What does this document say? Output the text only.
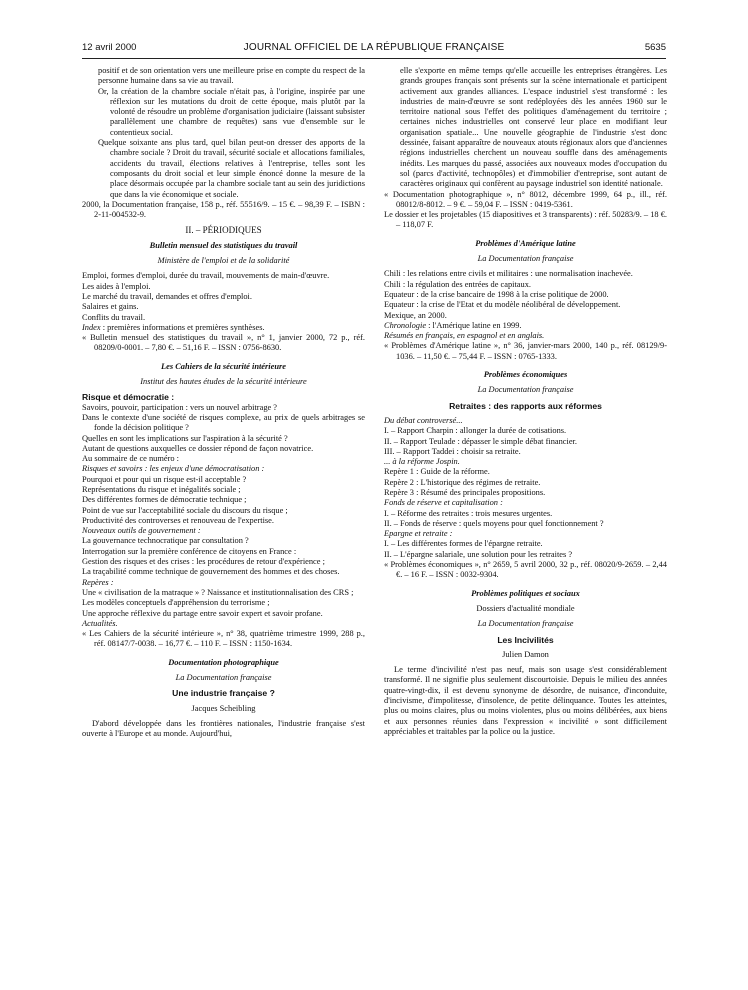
12 avril 2000	JOURNAL OFFICIEL DE LA RÉPUBLIQUE FRANÇAISE	5635

positif et de son orientation vers une meilleure prise en compte du respect de la personne humaine dans sa vie au travail.

Or, la création de la chambre sociale n'était pas, à l'origine, inspirée par une réflexion sur les mutations du droit de cette époque, mais plutôt par la volonté de résoudre un problème d'organisation judiciaire (laissant subsister parallèlement une chambre de requêtes) sans vue d'ensemble sur le contentieux social.

Quelque soixante ans plus tard, quel bilan peut-on dresser des apports de la chambre sociale ? Droit du travail, sécurité sociale et allocations familiales, accidents du travail, élections relatives à l'entreprise, telles sont les composants du droit social et leur simple énoncé donne la mesure de la place désormais occupée par la chambre sociale tant au sein des juridictions que dans la vie économique et sociale.

2000, la Documentation française, 158 p., réf. 55516/9. – 15 €. – 98,39 F. – ISBN : 2-11-004532-9.

II. – PÉRIODIQUES

Bulletin mensuel des statistiques du travail

Ministère de l'emploi et de la solidarité

Emploi, formes d'emploi, durée du travail, mouvements de main-d'œuvre.

Les aides à l'emploi.

Le marché du travail, demandes et offres d'emploi.

Salaires et gains.

Conflits du travail.

Index : premières informations et premières synthèses.

« Bulletin mensuel des statistiques du travail », n° 1, janvier 2000, 72 p., réf. 08209/0-0001. – 7,80 €. – 51,16 F. – ISSN : 0756-8630.

Les Cahiers de la sécurité intérieure

Institut des hautes études de la sécurité intérieure

Risque et démocratie :

Savoirs, pouvoir, participation : vers un nouvel arbitrage ?

Dans le contexte d'une société de risques complexe, au prix de quels arbitrages se fonde la décision politique ?

Quelles en sont les implications sur l'aspiration à la sécurité ?

Autant de questions auxquelles ce dossier répond de façon novatrice.

Au sommaire de ce numéro :

Risques et savoirs : les enjeux d'une démocratisation :

Pourquoi et pour qui un risque est-il acceptable ?

Représentations du risque et inégalités sociale ;

Des différentes formes de démocratie technique ;

Point de vue sur l'acceptabilité sociale du discours du risque ;

Productivité des controverses et renouveau de l'expertise.

Nouveaux outils de gouvernement :

La gouvernance technocratique par consultation ?

Interrogation sur la première conférence de citoyens en France :

Gestion des risques et des crises : les procédures de retour d'expérience ;

La traçabilité comme technique de gouvernement des hommes et des choses.

Repères :

Une « civilisation de la matraque » ? Naissance et institutionnalisation des CRS ;

Les modèles conceptuels d'appréhension du terrorisme ;

Une approche réflexive du partage entre savoir expert et savoir profane.

Actualités.

« Les Cahiers de la sécurité intérieure », n° 38, quatrième trimestre 1999, 288 p., réf. 08147/7-0038. – 16,77 €. – 110 F. – ISSN : 1150-1634.

Documentation photographique

La Documentation française

Une industrie française ?

Jacques Scheibling

D'abord développée dans les frontières nationales, l'industrie française s'est ouverte à l'Europe et au monde. Aujourd'hui,

elle s'exporte en même temps qu'elle accueille les entreprises étrangères. Les grands groupes français sont présents sur la scène internationale et participent activement aux grandes alliances. L'espace industriel s'est transformé : les industries de main-d'œuvre se sont redéployées dès les années 1960 sur le territoire national sous l'effet des politiques d'aménagement du territoire ; certaines niches industrielles ont conservé leur place en modifiant leur organisation spatiale... Une nouvelle géographie de l'industrie s'est donc dessinée, faisant apparaître de nouveaux atouts régionaux alors que d'anciennes régions industrielles cherchent un nouveau souffle dans des aménagements inédits. Les marques du passé, associées aux nouveaux modes d'occupation du sol (parcs d'activité, technopôles) et d'immobilier d'entreprise, sont autant de caractères originaux qui confèrent au paysage industriel son identité nationale.

« Documentation photographique », n° 8012, décembre 1999, 64 p., ill., réf. 08012/8-8012. – 9 €. – 59,04 F. – ISSN : 0419-5361.

Le dossier et les projetables (15 diapositives et 3 transparents) : réf. 50283/9. – 18 €. – 118,07 F.

Problèmes d'Amérique latine

La Documentation française

Chili : les relations entre civils et militaires : une normalisation inachevée.

Chili : la régulation des entrées de capitaux.

Equateur : de la crise bancaire de 1998 à la crise politique de 2000.

Equateur : la crise de l'Etat et du modèle néolibéral de développement.

Mexique, an 2000.

Chronologie : l'Amérique latine en 1999.

Résumés en français, en espagnol et en anglais.

« Problèmes d'Amérique latine », n° 36, janvier-mars 2000, 140 p., réf. 08129/9-1036. – 11,50 €. – 75,44 F. – ISSN : 0765-1333.

Problèmes économiques

La Documentation française

Retraites : des rapports aux réformes

Du débat controversé...

I. – Rapport Charpin : allonger la durée de cotisations.

II. – Rapport Teulade : dépasser le simple débat financier.

III. – Rapport Taddei : choisir sa retraite.

... à la réforme Jospin.

Repère 1 : Guide de la réforme.

Repère 2 : L'historique des régimes de retraite.

Repère 3 : Résumé des principales propositions.

Fonds de réserve et capitalisation :

I. – Réforme des retraites : trois mesures urgentes.

II. – Fonds de réserve : quels moyens pour quel fonctionnement ?

Epargne et retraite :

I. – Les différentes formes de l'épargne retraite.

II. – L'épargne salariale, une solution pour les retraites ?

« Problèmes économiques », n° 2659, 5 avril 2000, 32 p., réf. 08020/9-2659. – 2,44 €. – 16 F. – ISSN : 0032-9304.

Problèmes politiques et sociaux

Dossiers d'actualité mondiale

La Documentation française

Les Incivilités

Julien Damon

Le terme d'incivilité n'est pas neuf, mais son usage s'est considérablement transformé. Il ne signifie plus seulement discourtoisie. Depuis le milieu des années quatre-vingt-dix, il est devenu synonyme de désordre, de nuisance, d'inconduite, d'incivisme, d'impolitesse, d'insolence, de petite délinquance. Toutes les atteintes, plus ou moins claires, plus ou moins violentes, plus ou moins délibérées, aux biens et aux personnes réunies dans l'expression « incivilité » sont difficilement appréciables et traitables par la police ou la justice.
